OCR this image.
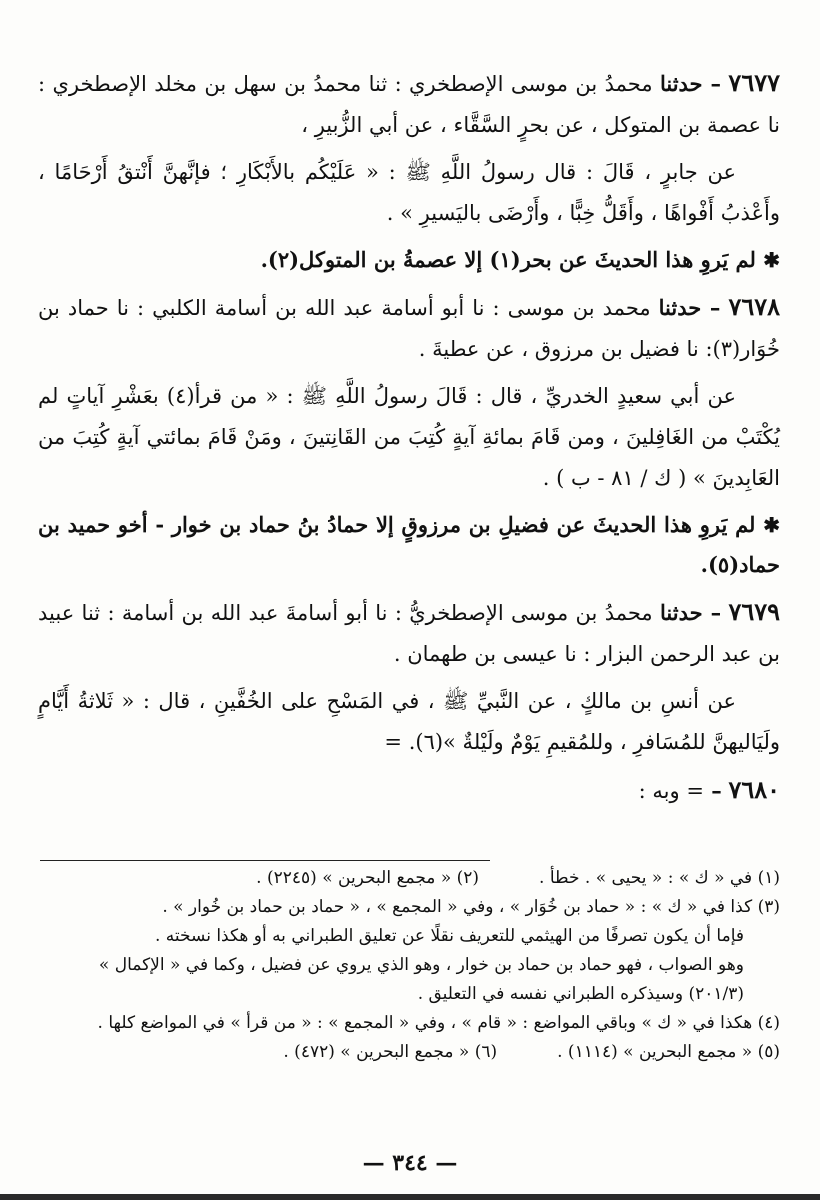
٧٦٧٧ – حدثنا محمدُ بن موسى الإصطخري : ثنا محمدُ بن سهل بن مخلد الإصطخري : نا عصمة بن المتوكل ، عن بحرٍ السَّقَّاء ، عن أبي الزُّبيرِ ،

عن جابرٍ ، قَالَ : قال رسولُ اللَّهِ ﷺ : « عَلَيْكُم بالأَبْكَارِ ؛ فإنَّهنَّ أَنْتقُ أَرْحَامًا ، وأَعْذبُ أَفْواهًا ، وأَقَلُّ خِبًّا ، وأَرْضَى باليَسيرِ » .

✱ لم يَروِ هذا الحديثَ عن بحر(١) إلا عصمةُ بن المتوكل(٢).

٧٦٧٨ – حدثنا محمد بن موسى : نا أبو أسامة عبد الله بن أسامة الكلبي : نا حماد بن خُوَار(٣): نا فضيل بن مرزوق ، عن عطيةَ .

عن أبي سعيدٍ الخدريِّ ، قال : قَالَ رسولُ اللَّهِ ﷺ : « من قرأ(٤) بعَشْرِ آياتٍ لم يُكْتَبْ من الغَافِلينَ ، ومن قَامَ بمائةِ آيةٍ كُتِبَ من القَانِتينَ ، ومَنْ قَامَ بمائتي آيةٍ كُتِبَ من العَابِدينَ » ( ك / ٨١ - ب ) .

✱ لم يَروِ هذا الحديثَ عن فضيلِ بن مرزوقٍ إلا حمادُ بنُ حماد بن خوار - أخو حميد بن حماد(٥).

٧٦٧٩ – حدثنا محمدُ بن موسى الإصطخريُّ : نا أبو أسامةَ عبد الله بن أسامة : ثنا عبيد بن عبد الرحمن البزار : نا عيسى بن طهمان .

عن أنسِ بن مالكٍ ، عن النَّبيِّ ﷺ ، في المَسْحِ على الخُفَّينِ ، قال : « ثَلاثةُ أَيَّامٍ ولَيَاليهنَّ للمُسَافرِ ، وللمُقيمِ يَوْمٌ ولَيْلةٌ »(٦). =

٧٦٨٠ – = وبه :

(١) في « ك » : « يحيى » . خطأ .

(٢) « مجمع البحرين » (٢٢٤٥) .

(٣) كذا في « ك » : « حماد بن خُوَار » ، وفي « المجمع » ، « حماد بن حماد بن خُوار » .

فإما أن يكون تصرفًا من الهيثمي للتعريف نقلًا عن تعليق الطبراني به أو هكذا نسخته .

وهو الصواب ، فهو حماد بن حماد بن خوار ، وهو الذي يروي عن فضيل ، وكما في « الإكمال » (٢٠١/٣) وسيذكره الطبراني نفسه في التعليق .

(٤) هكذا في « ك » وباقي المواضع : « قام » ، وفي « المجمع » : « من قرأ » في المواضع كلها .

(٥) « مجمع البحرين » (١١١٤) .

(٦) « مجمع البحرين » (٤٧٢) .

— ٣٤٤ —
